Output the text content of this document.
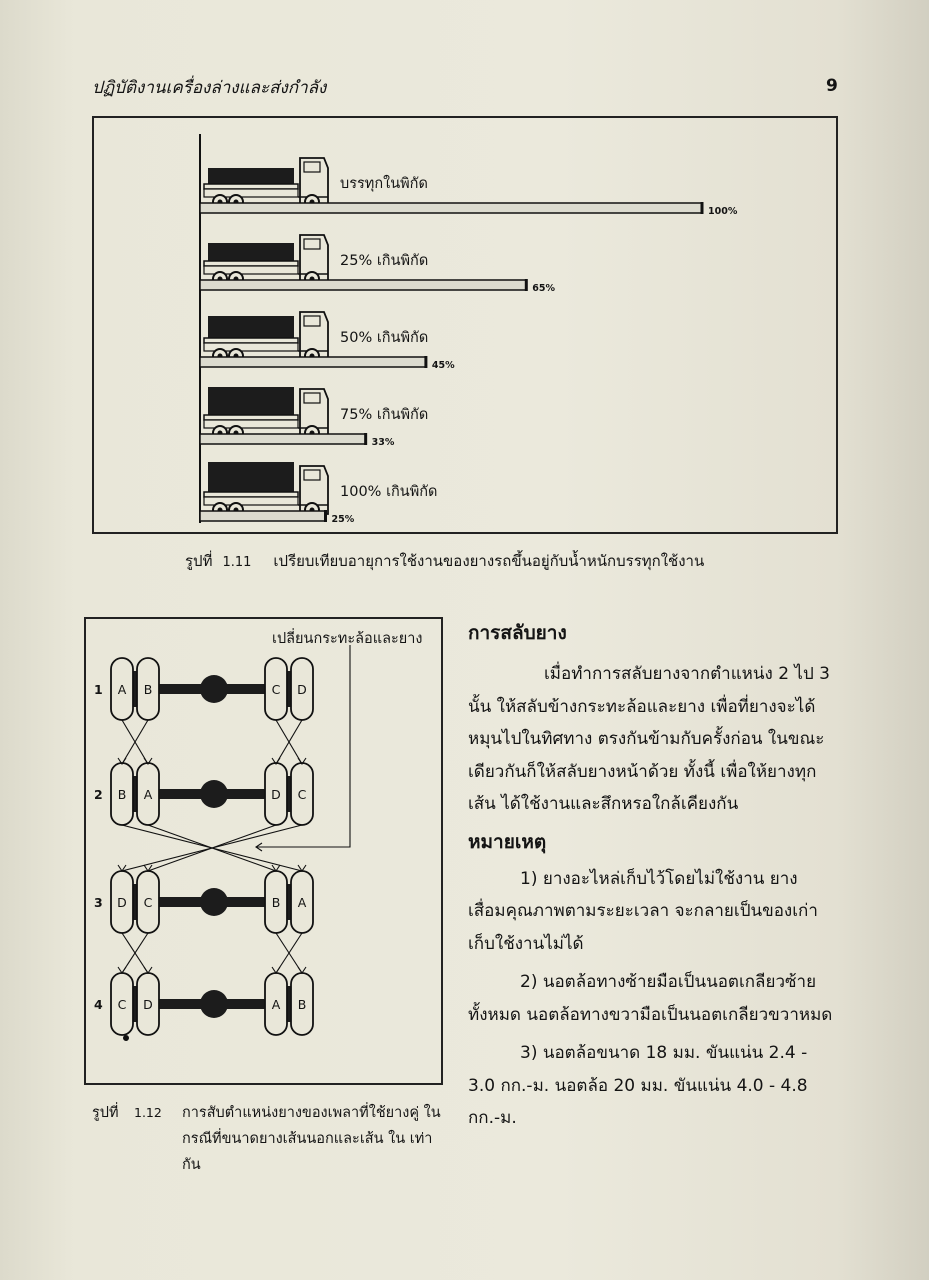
ปฏิบัติงานเครื่องล่างและส่งกำลัง	9
บรรทุกในพิกัด
100%
25% เกินพิกัด
65%
50% เกินพิกัด
45%
75% เกินพิกัด
33%
100% เกินพิกัด
25%
รูปที่ 1.11 เปรียบเทียบอายุการใช้งานของยางรถขึ้นอยู่กับน้ำหนักบรรทุกใช้งาน
เปลี่ยนกระทะล้อและยาง
A B	C D
1
B A	D C
2
D C	B A
3
C D	A B
4
รูปที่ 1.12 การสับตำแหน่งยางของเพลาที่ใช้ยางคู่ ในกรณีที่ขนาดยางเส้นนอกและเส้น ใน เท่ากัน
การสลับยาง
เมื่อทำการสลับยางจากตำแหน่ง 2 ไป 3 นั้น ให้สลับข้างกระทะล้อและยาง เพื่อที่ยางจะได้หมุนไปในทิศทาง ตรงกันข้ามกับครั้งก่อน ในขณะเดียวกันก็ให้สลับยางหน้าด้วย ทั้งนี้ เพื่อให้ยางทุกเส้น ได้ใช้งานและสึกหรอใกล้เคียงกัน
หมายเหตุ
1) ยางอะไหล่เก็บไว้โดยไม่ใช้งาน ยางเสื่อมคุณภาพตามระยะเวลา จะกลายเป็นของเก่าเก็บใช้งานไม่ได้
2) นอตล้อทางซ้ายมือเป็นนอตเกลียวซ้ายทั้งหมด นอตล้อทางขวามือเป็นนอตเกลียวขวาหมด
3) นอตล้อขนาด 18 มม. ขันแน่น 2.4 - 3.0 กก.-ม. นอตล้อ 20 มม. ขันแน่น 4.0 - 4.8 กก.-ม.
